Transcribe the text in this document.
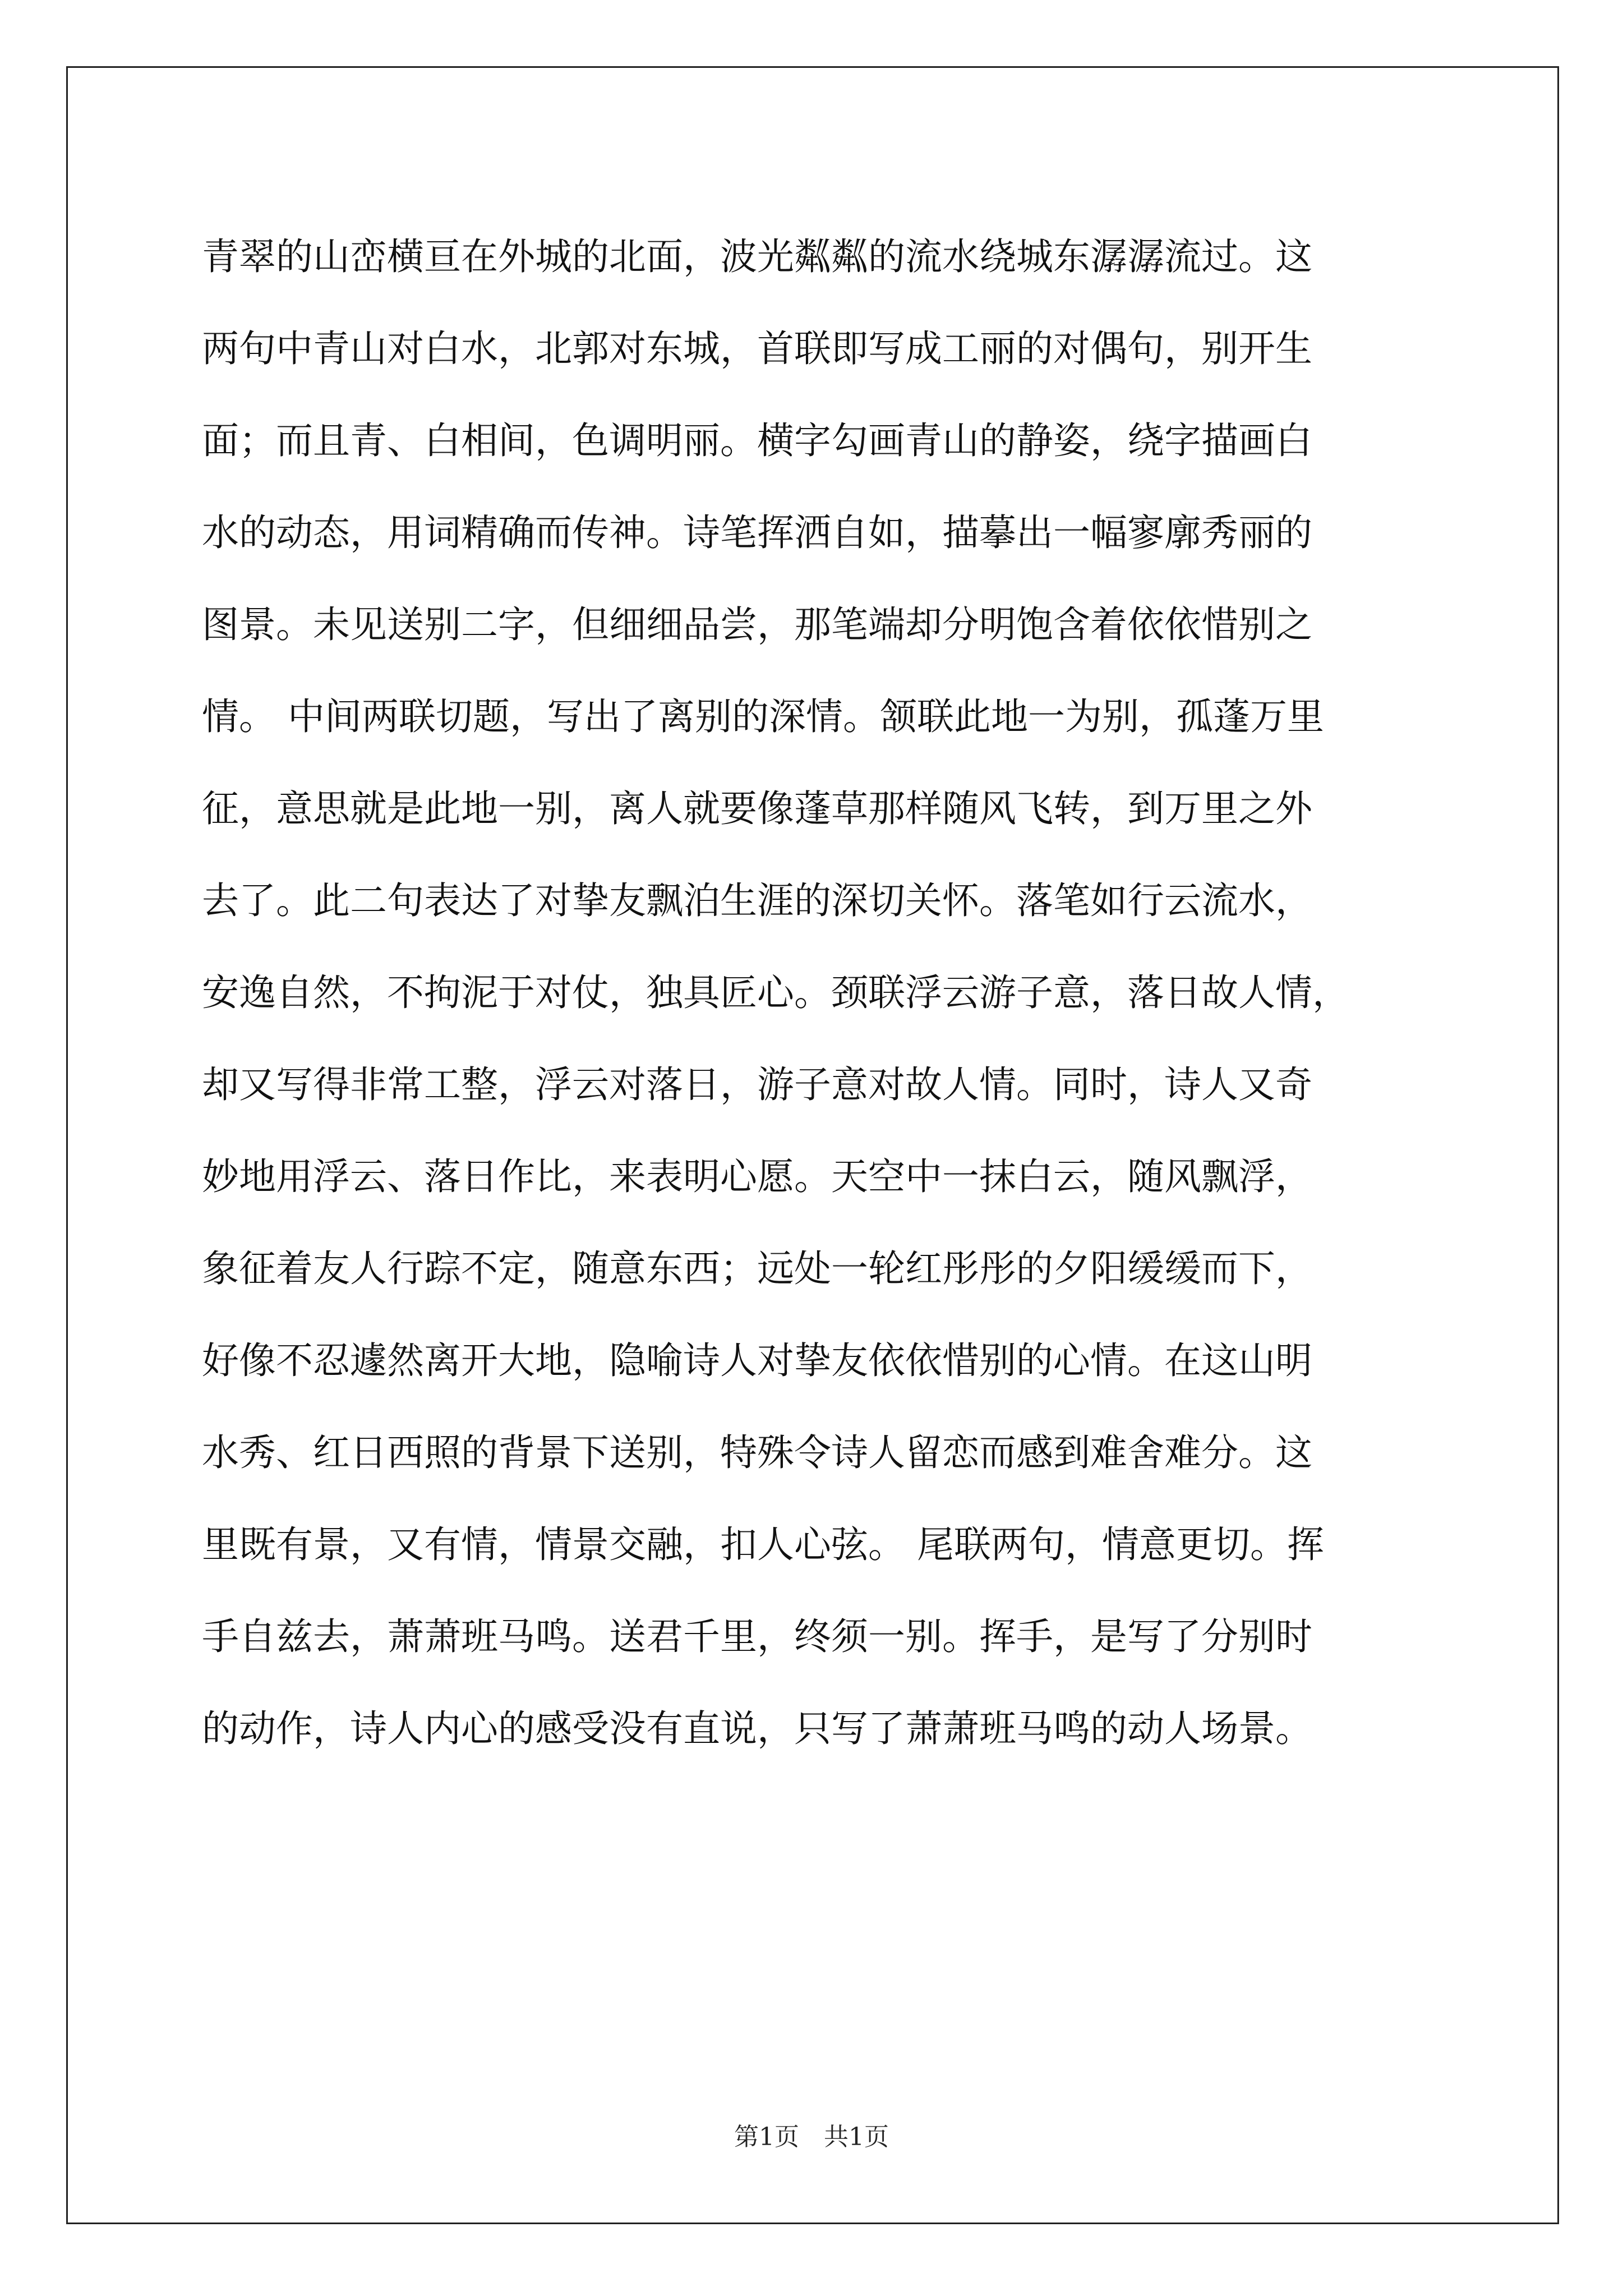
青翠的山峦横亘在外城的北面，波光粼粼的流水绕城东潺潺流过。这
两句中青山对白水，北郭对东城，首联即写成工丽的对偶句，别开生
面；而且青、白相间，色调明丽。横字勾画青山的静姿，绕字描画白
水的动态，用词精确而传神。诗笔挥洒自如，描摹出一幅寥廓秀丽的
图景。未见送别二字，但细细品尝，那笔端却分明饱含着依依惜别之
情。 中间两联切题，写出了离别的深情。颔联此地一为别，孤蓬万里
征，意思就是此地一别，离人就要像蓬草那样随风飞转，到万里之外
去了。此二句表达了对挚友飘泊生涯的深切关怀。落笔如行云流水，
安逸自然，不拘泥于对仗，独具匠心。颈联浮云游子意，落日故人情，
却又写得非常工整，浮云对落日，游子意对故人情。同时，诗人又奇
妙地用浮云、落日作比，来表明心愿。天空中一抹白云，随风飘浮，
象征着友人行踪不定，随意东西；远处一轮红彤彤的夕阳缓缓而下，
好像不忍遽然离开大地，隐喻诗人对挚友依依惜别的心情。在这山明
水秀、红日西照的背景下送别，特殊令诗人留恋而感到难舍难分。这
里既有景，又有情，情景交融，扣人心弦。 尾联两句，情意更切。挥
手自兹去，萧萧班马鸣。送君千里，终须一别。挥手，是写了分别时
的动作，诗人内心的感受没有直说，只写了萧萧班马鸣的动人场景。
第1页　共1页
